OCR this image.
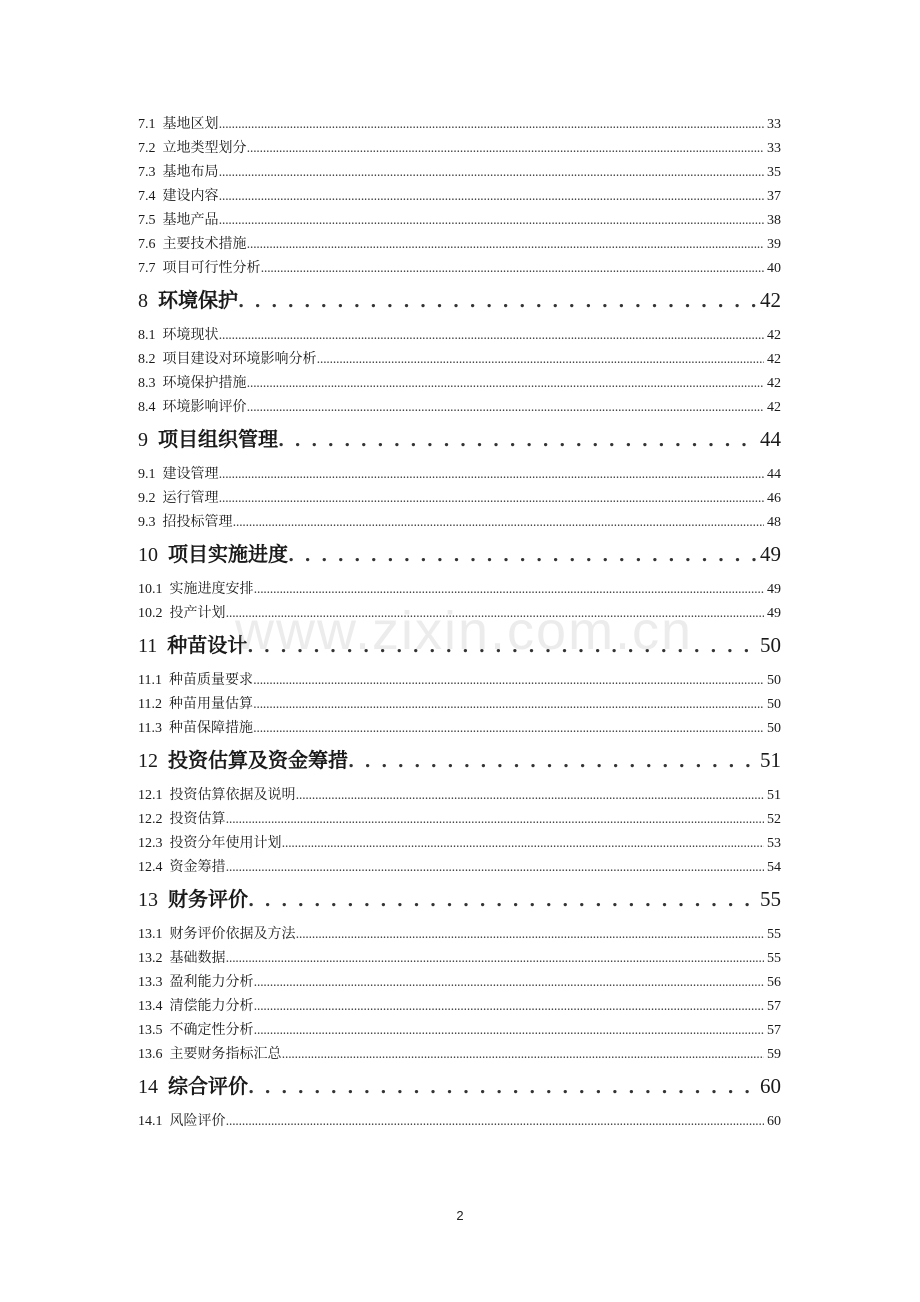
7.1 基地区划 . . .	33
7.2 立地类型划分 . . .	33
7.3 基地布局 . . .	35
7.4 建设内容 . . .	37
7.5 基地产品 . . .	38
7.6 主要技术措施 . . .	39
7.7 项目可行性分析 . . .	40
8 环境保护 . . .	42
8.1 环境现状 . . .	42
8.2 项目建设对环境影响分析 . . .	42
8.3 环境保护措施 . . .	42
8.4 环境影响评价 . . .	42
9 项目组织管理 . . .	44
9.1 建设管理 . . .	44
9.2 运行管理 . . .	46
9.3 招投标管理 . . .	48
10 项目实施进度 . . .	49
10.1 实施进度安排 . . .	49
10.2 投产计划 . . .	49
11 种苗设计 . . .	50
11.1 种苗质量要求 . . .	50
11.2 种苗用量估算 . . .	50
11.3 种苗保障措施 . . .	50
12 投资估算及资金筹措 . . .	51
12.1 投资估算依据及说明 . . .	51
12.2 投资估算 . . .	52
12.3 投资分年使用计划 . . .	53
12.4 资金筹措 . . .	54
13 财务评价 . . .	55
13.1 财务评价依据及方法 . . .	55
13.2 基础数据 . . .	55
13.3 盈利能力分析 . . .	56
13.4 清偿能力分析 . . .	57
13.5 不确定性分析 . . .	57
13.6 主要财务指标汇总 . . .	59
14 综合评价 . . .	60
14.1 风险评价 . . .	60
www.zixin.com.cn
2
